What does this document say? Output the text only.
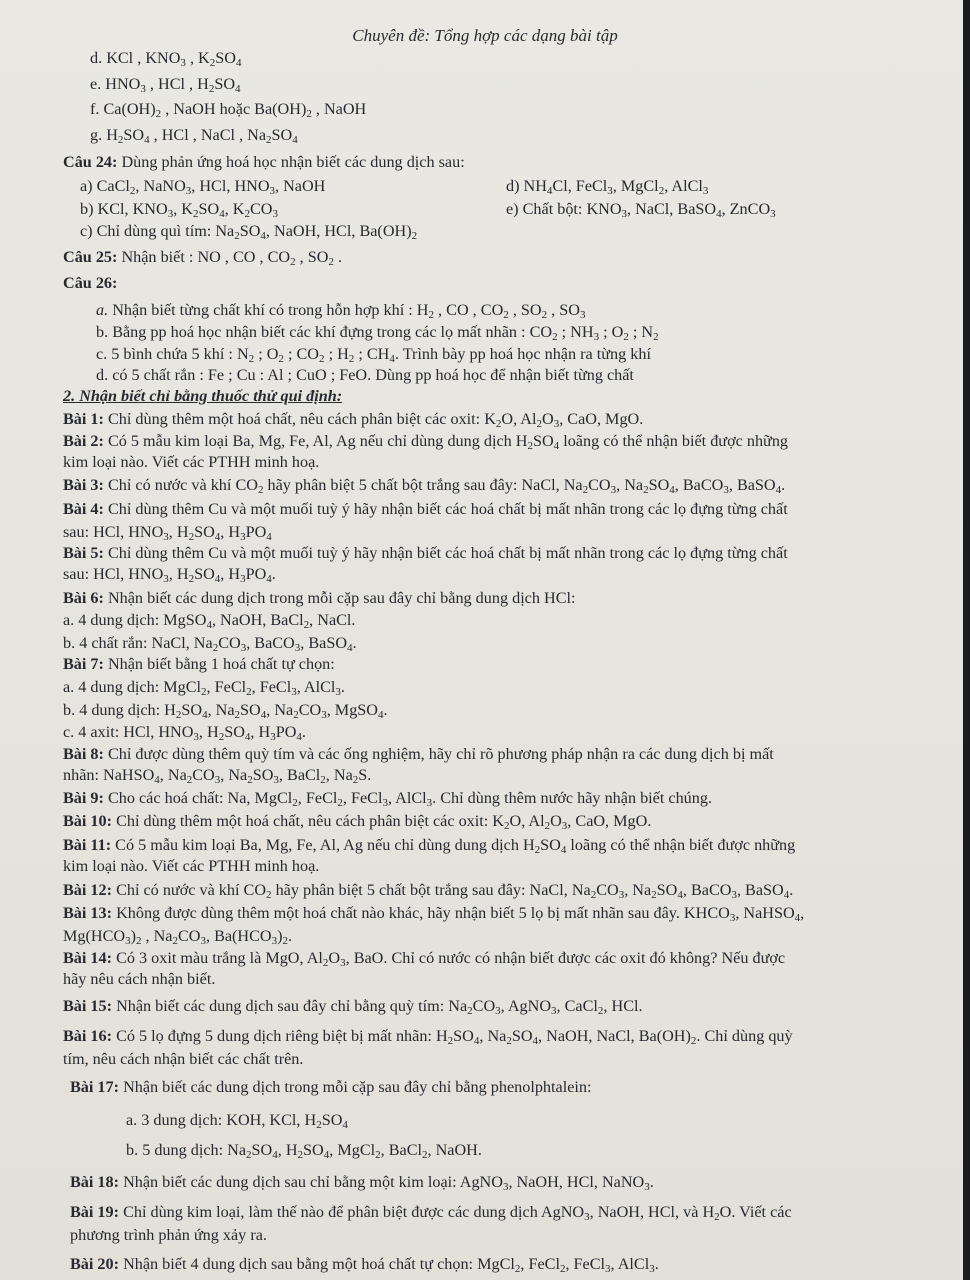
Chuyên đề: Tổng hợp các dạng bài tập
d. KCl , $KNO_3$ , $K_2SO_4$
e. $HNO_3$ , HCl , $H_2SO_4$
f. $Ca(OH)_2$ , NaOH hoặc $Ba(OH)_2$ , NaOH
g. $H_2SO_4$ , HCl , NaCl , $Na_2SO_4$
Câu 24: Dùng phản ứng hoá học nhận biết các dung dịch sau:
a) CaCl$_2$, NaNO$_3$, HCl, $HNO_3$, NaOH	d) $NH_4Cl$, FeCl$_3$, MgCl$_2$, AlCl$_3$
b) KCl, $KNO_3$, $K_2SO_4$, $K_2CO_3$	e) Chất bột: $KNO_3$, NaCl, BaSO$_4$, ZnCO$_3$
c) Chỉ dùng quì tím: $Na_2SO_4$, NaOH, HCl, $Ba(OH)_2$
Câu 25: Nhận biết : NO , CO , $CO_2$ , $SO_2$ .
Câu 26:
a. Nhận biết từng chất khí có trong hỗn hợp khí : $H_2$ , CO , $CO_2$ , $SO_2$ , $SO_3$
b. Bằng pp hoá học nhận biết các khí đựng trong các lọ mất nhãn : $CO_2$ ; $NH_3$ ; $O_2$ ; $N_2$
c. 5 bình chứa 5 khí : $N_2$ ; $O_2$ ; $CO_2$ ; $H_2$ ; $CH_4$. Trình bày pp hoá học nhận ra từng khí
d. có 5 chất rắn : Fe ; Cu : Al ; CuO ; FeO. Dùng pp hoá học để nhận biết từng chất
2. Nhận biết chỉ bằng thuốc thử qui định:
Bài 1: Chỉ dùng thêm một hoá chất, nêu cách phân biệt các oxit: $K_2O$, $Al_2O_3$, CaO, MgO.
Bài 2: Có 5 mẫu kim loại Ba, Mg, Fe, Al, Ag nếu chỉ dùng dung dịch $H_2SO_4$ loãng có thể nhận biết được những
kim loại nào. Viết các PTHH minh hoạ.
Bài 3: Chỉ có nước và khí $CO_2$ hãy phân biệt 5 chất bột trắng sau đây: NaCl, $Na_2CO_3$, $Na_2SO_4$, BaCO$_3$, BaSO$_4$.
Bài 4: Chỉ dùng thêm Cu và một muối tuỳ ý hãy nhận biết các hoá chất bị mất nhãn trong các lọ đựng từng chất
sau: HCl, $HNO_3$, $H_2SO_4$, $H_3PO_4$
Bài 5: Chỉ dùng thêm Cu và một muối tuỳ ý hãy nhận biết các hoá chất bị mất nhãn trong các lọ đựng từng chất
sau: HCl, $HNO_3$, $H_2SO_4$, $H_3PO_4$.
Bài 6: Nhận biết các dung dịch trong mỗi cặp sau đây chỉ bằng dung dịch HCl:
a. 4 dung dịch: MgSO$_4$, NaOH, BaCl$_2$, NaCl.
b. 4 chất rắn: NaCl, $Na_2CO_3$, BaCO$_3$, BaSO$_4$.
Bài 7: Nhận biết bằng 1 hoá chất tự chọn:
a. 4 dung dịch: MgCl$_2$, FeCl$_2$, FeCl$_3$, AlCl$_3$.
b. 4 dung dịch: $H_2SO_4$, $Na_2SO_4$, $Na_2CO_3$, MgSO$_4$.
c. 4 axit: HCl, $HNO_3$, $H_2SO_4$, $H_3PO_4$.
Bài 8: Chỉ được dùng thêm quỳ tím và các ống nghiệm, hãy chỉ rõ phương pháp nhận ra các dung dịch bị mất
nhãn: NaHSO$_4$, $Na_2CO_3$, $Na_2SO_3$, BaCl$_2$, $Na_2S$.
Bài 9: Cho các hoá chất: Na, MgCl$_2$, FeCl$_2$, FeCl$_3$, AlCl$_3$. Chỉ dùng thêm nước hãy nhận biết chúng.
Bài 10: Chỉ dùng thêm một hoá chất, nêu cách phân biệt các oxit: $K_2O$, $Al_2O_3$, CaO, MgO.
Bài 11: Có 5 mẫu kim loại Ba, Mg, Fe, Al, Ag nếu chỉ dùng dung dịch $H_2SO_4$ loãng có thể nhận biết được những
kim loại nào. Viết các PTHH minh hoạ.
Bài 12: Chỉ có nước và khí $CO_2$ hãy phân biệt 5 chất bột trắng sau đây: NaCl, $Na_2CO_3$, $Na_2SO_4$, BaCO$_3$, BaSO$_4$.
Bài 13: Không được dùng thêm một hoá chất nào khác, hãy nhận biết 5 lọ bị mất nhãn sau đây. $KHCO_3$, NaHSO$_4$,
$Mg(HCO_3)_2$ , $Na_2CO_3$, $Ba(HCO_3)_2$.
Bài 14: Có 3 oxit màu trắng là MgO, $Al_2O_3$, BaO. Chỉ có nước có nhận biết được các oxit đó không? Nếu được
hãy nêu cách nhận biết.
Bài 15: Nhận biết các dung dịch sau đây chỉ bằng quỳ tím: $Na_2CO_3$, AgNO$_3$, CaCl$_2$, HCl.
Bài 16: Có 5 lọ đựng 5 dung dịch riêng biệt bị mất nhãn: $H_2SO_4$, $Na_2SO_4$, NaOH, NaCl, $Ba(OH)_2$. Chỉ dùng quỳ
tím, nêu cách nhận biết các chất trên.
Bài 17: Nhận biết các dung dịch trong mỗi cặp sau đây chỉ bằng phenolphtalein:
a. 3 dung dịch: KOH, KCl, $H_2SO_4$
b. 5 dung dịch: $Na_2SO_4$, $H_2SO_4$, MgCl$_2$, BaCl$_2$, NaOH.
Bài 18: Nhận biết các dung dịch sau chỉ bằng một kim loại: AgNO$_3$, NaOH, HCl, NaNO$_3$.
Bài 19: Chỉ dùng kim loại, làm thế nào để phân biệt được các dung dịch AgNO$_3$, NaOH, HCl, và $H_2O$. Viết các
phương trình phản ứng xảy ra.
Bài 20: Nhận biết 4 dung dịch sau bằng một hoá chất tự chọn: MgCl$_2$, FeCl$_2$, FeCl$_3$, AlCl$_3$.
